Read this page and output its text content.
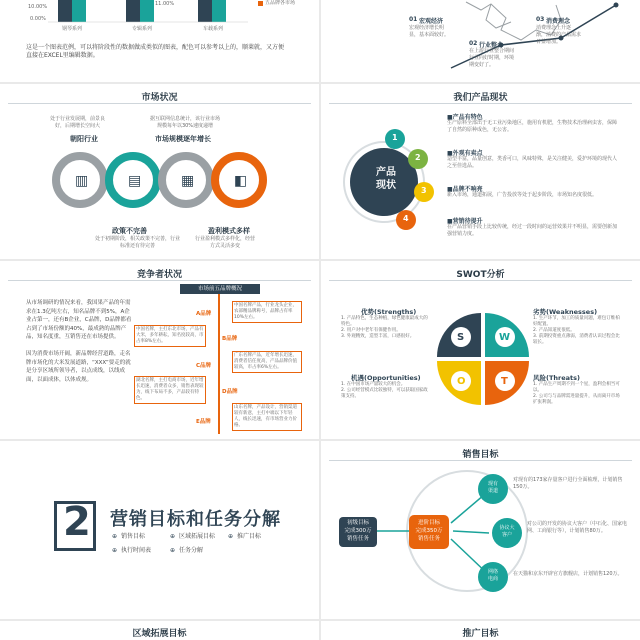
10.00%
0.00%
11.00%
钢琴系列	专辑系列	车载系列
五品牌各市场
这是一个图表范例，可以将阶段性的数据做成类似的图表，配色可以参考以上的，顺莱就，又方便直接在EXCEL里编辑数据。
01 宏观经济
宏观经济增长明
显，基本面较好。
02 行业整合
在上游行业整合期间
行业向好时期，环境
期变好了。
03 消费理念
消费理念上升逐
渐，消费的产品需求
日益增加。
市场状况
处于行业发展期，前景良
好，后期增长空间大
朝阳行业
据互联网信息统计，该行业市场
规模每年以30%速度递增
市场规模逐年增长
▥	▤	▦	◧
政策不完善
处于初期阶段，相关政策不完善，行业
标准还有待完善
盈利模式多样
行业盈利模式多样化，经营
方式灵活多变
我们产品现状
产品
现状
1
2
3
4
■产品有特色
生产原料全部出于无工业污染地区，施用有机肥，生物技术治理病虫害，保障了自然的原种成色，无公害。
■外观有卖点
造型丰富，品量创意，类香可口，风味特殊，是关注健美，爱护环境的现代人之至佳选品。
■品牌不响亮
新入市场，通道拓展，广告投放等处于起步阶段，市场知名度很低。
■营销待提升
在产品营销手段上比较传统，经过一段时间的运营效果并不明显，需要创新加强营销力度。
竞争者状况
从市场调研的情况来看，我国果产品的年需求在1.3亿吨左右，知名品牌不到5%，A企业占第一，还有B企业，C品牌，D品牌都看占到了市场份额的40%，最成熟的品牌产品，知名度重，互销售还在市场提供。

因为消费市场开阔，新品牌经营道路，走名牌市场化的大米发展道路，“XXX”要走的就是分享区域所领导者，以点成线，以线成面，以面成体，以体成规。
市场前五品牌概况
A品牌
B品牌
C品牌
D品牌
E品牌
中国名牌产品，行业龙头企业，农部精品牌称号，品牌占有率10%左右。
中国名牌，主打东北市场，产品有大米，多年耕耘，知名度较高，市占率8%左右。
广东名牌产品，近年增长迅速，消费者信任度高，产品品牌价值较高，市占率6%左右。
湖北名牌，主打电商市场，近年增长迅速，消费者众多，销售表现较为，线下布局不多，产品较有特色。
山东名牌，产品设计，营销渠道较有新意，主打中端以下年轻人，线长迅速，有市场营业力价格。
SWOT分析
S	W
O	T
优势(Strengths)
1. 产品特色，生态种植，绿色健康最成大的特色。
2. 用户对中老年有保健作用。
3. 外观精致，造型丰富，口感很好。
劣势(Weaknesses)
1. 生产环节，加工的质量问题，难包订维柏好配置。
2. 产品知道度很低。
3. 前期投资重点薄弱，消费者认识过程会比较长。
机遇(Opportunities)
1. 在中国市场产量较大的机会。
2. 公司经营模式比较独特，可以获取国家政策支持。
风险(Threats)
1. 产品生产周期不到一个星，盈利会相当可以。
2. 公司与与品牌需进量提升，从而离开市场扩张利润。
2 营销目标和任务分解
⊕ 销售目标	⊕ 区域拓展目标 ⊕ 推广目标
⊕ 执行时间表	⊕ 任务分解
销售目标
初级目标
完成300万
销售任务
进阶目标
完成350万
销售任务
现有
渠道
协议大
客户
网络
电商
对现有的173家存量客户进行全面梳理，计划销售150万。
对公司的开发的协议大客户（中石化、国家电网、工商银行等），计划销售80万。
在天猫和京东开辟官方旗舰店，计划销售120万。
区域拓展目标	推广目标
